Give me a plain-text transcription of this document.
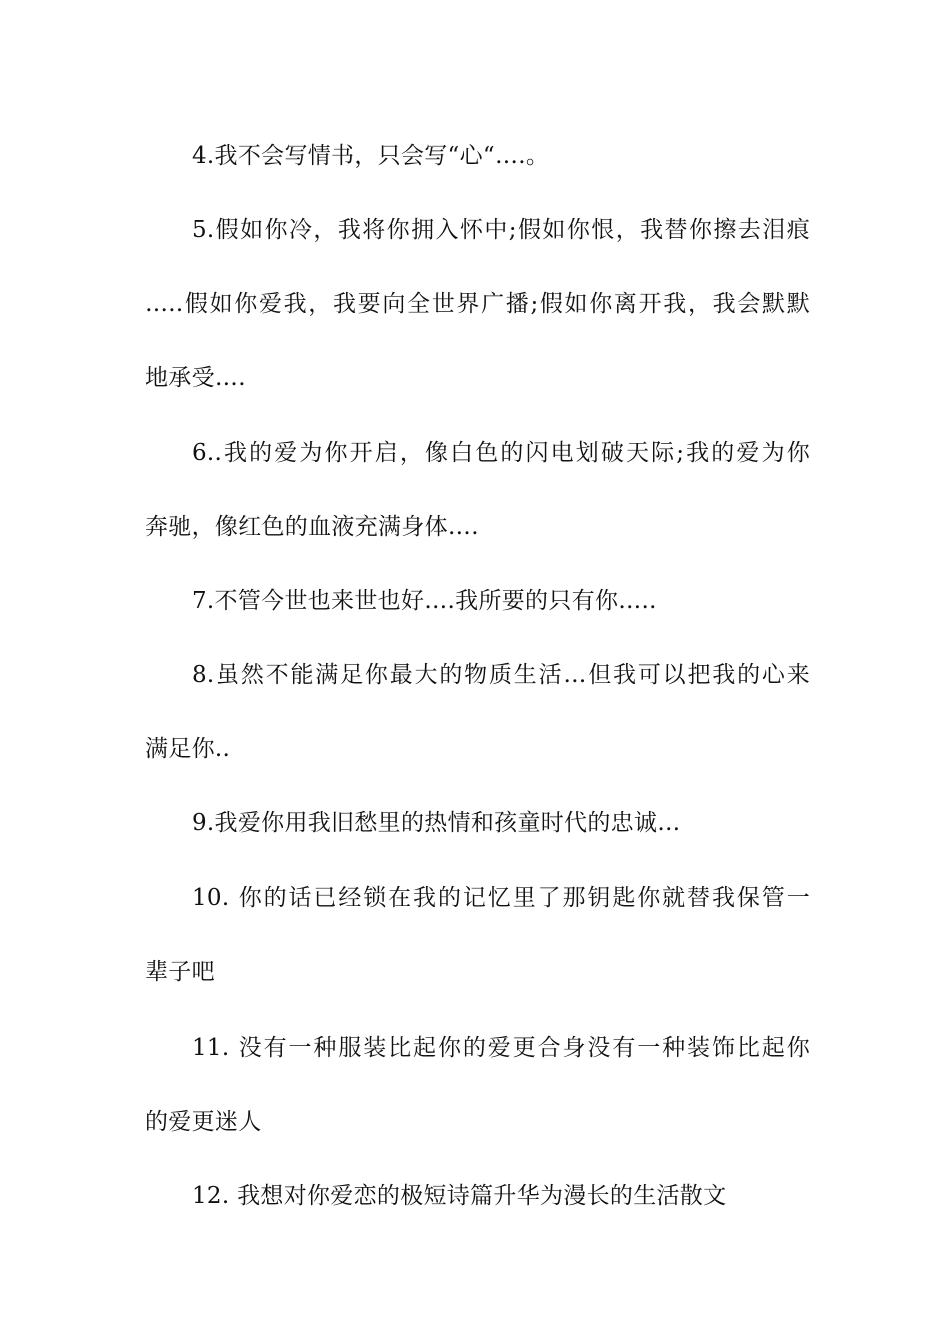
4.我不会写情书，只会写“心“….。
5.假如你冷，我将你拥入怀中;假如你恨，我替你擦去泪痕
…..假如你爱我，我要向全世界广播;假如你离开我，我会默默
地承受….
6..我的爱为你开启，像白色的闪电划破天际;我的爱为你
奔驰，像红色的血液充满身体….
7.不管今世也来世也好….我所要的只有你…..
8.虽然不能满足你最大的物质生活…但我可以把我的心来
满足你..
9.我爱你用我旧愁里的热情和孩童时代的忠诚…
10. 你的话已经锁在我的记忆里了那钥匙你就替我保管一
辈子吧
11. 没有一种服装比起你的爱更合身没有一种装饰比起你
的爱更迷人
12. 我想对你爱恋的极短诗篇升华为漫长的生活散文
